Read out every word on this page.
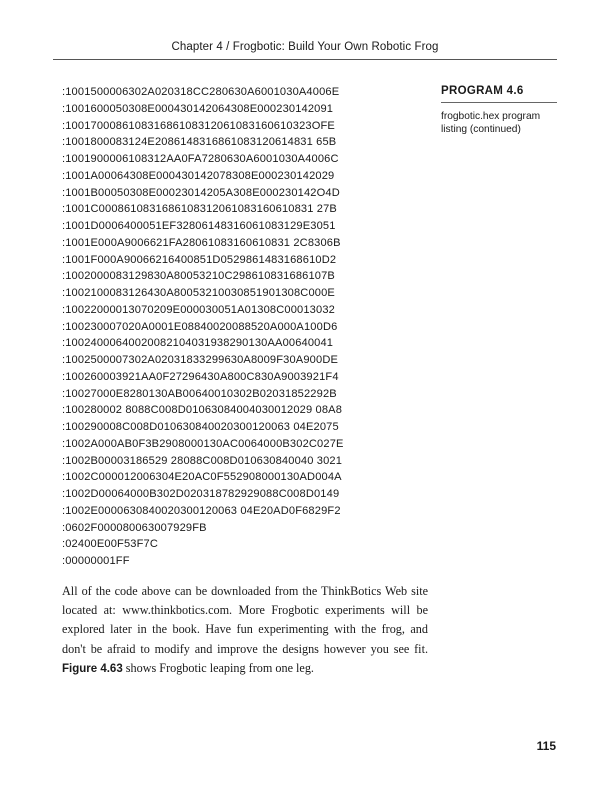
Chapter 4 / Frogbotic: Build Your Own Robotic Frog
:1001500006302A020318CC280630A6001030A4006E
:1001600050308E000430142064308E000230142091
:100170008610831686108312061083160610323OFE
:1001800083124E2086148316861083120614831 65B
:1001900006108312AA0FA7280630A6001030A4006C
:1001A00064308E000430142078308E000230142029
:1001B00050308E00023014205A308E000230142O4D
:1001C0008610831686108312061083160610831 27B
:1001D0006400051EF32806148316061083129E3051
:1001E000A9006621FA28061083160610831 2C8306B
:1001F000A90066216400851D0529861483168610D2
:1002000083129830A80053210C298610831686107B
:1002100083126430A80053210030851901308C000E
:10022000013070209E000030051A01308C00013032
:100230007020A0001E08840020088520A000A100D6
:10024000640020082104031938290130AA00640041
:1002500007302A02031833299630A8009F30A900DE
:100260003921AA0F27296430A800C830A9003921F4
:10027000E8280130AB00640010302B02031852292B
:100280002 8088C008D01063084004030012029 08A8
:100290008C008D010630840020300120063 04E2075
:1002A000AB0F3B2908000130AC0064000B302C027E
:1002B00003186529 28088C008D010630840040 3021
:1002C000012006304E20AC0F552908000130AD004A
:1002D00064000B302D020318782929088C008D0149
:1002E0000630840020300120063 04E20AD0F6829F2
:0602F000080063007929FB
:02400E00F53F7C
:00000001FF
PROGRAM 4.6
frogbotic.hex program listing (continued)

All of the code above can be downloaded from the ThinkBotics Web site located at: www.thinkbotics.com. More Frogbotic experiments will be explored later in the book. Have fun experimenting with the frog, and don't be afraid to modify and improve the designs however you see fit. Figure 4.63 shows Frogbotic leaping from one leg.

115
